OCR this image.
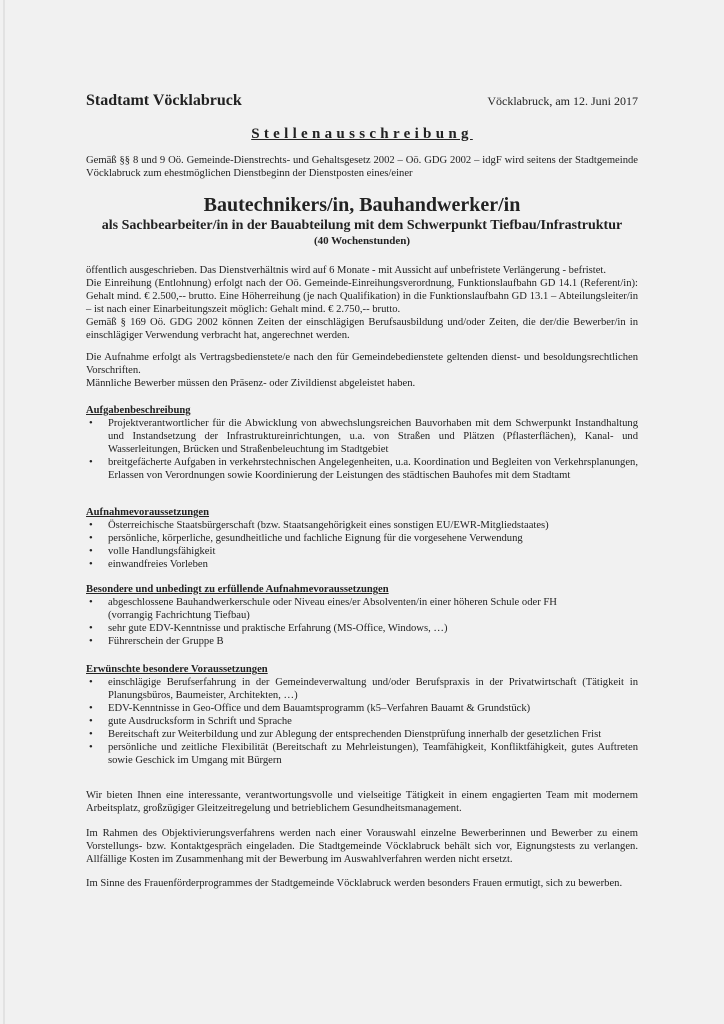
Stadtamt Vöcklabruck	Vöcklabruck, am 12. Juni 2017
Stellenausschreibung
Gemäß §§ 8 und 9 Oö. Gemeinde-Dienstrechts- und Gehaltsgesetz 2002 – Oö. GDG 2002 – idgF wird seitens der Stadtgemeinde Vöcklabruck zum ehestmöglichen Dienstbeginn der Dienstposten eines/einer
Bautechnikers/in, Bauhandwerker/in
als Sachbearbeiter/in in der Bauabteilung mit dem Schwerpunkt Tiefbau/Infrastruktur
(40 Wochenstunden)

öffentlich ausgeschrieben. Das Dienstverhältnis wird auf 6 Monate - mit Aussicht auf unbefristete Verlängerung - befristet.

Die Einreihung (Entlohnung) erfolgt nach der Oö. Gemeinde-Einreihungsverordnung, Funktionslaufbahn GD 14.1 (Referent/in): Gehalt mind. € 2.500,-- brutto. Eine Höherreihung (je nach Qualifikation) in die Funktionslaufbahn GD 13.1 – Abteilungsleiter/in – ist nach einer Einarbeitungszeit möglich: Gehalt mind. € 2.750,-- brutto.

Gemäß § 169 Oö. GDG 2002 können Zeiten der einschlägigen Berufsausbildung und/oder Zeiten, die der/die Bewerber/in in einschlägiger Verwendung verbracht hat, angerechnet werden.

Die Aufnahme erfolgt als Vertragsbedienstete/e nach den für Gemeindebedienstete geltenden dienst- und besoldungsrechtlichen Vorschriften.

Männliche Bewerber müssen den Präsenz- oder Zivildienst abgeleistet haben.

Aufgabenbeschreibung
• Projektverantwortlicher für die Abwicklung von abwechslungsreichen Bauvorhaben mit dem Schwerpunkt Instandhaltung und Instandsetzung der Infrastruktureinrichtungen, u.a. von Straßen und Plätzen (Pflasterflächen), Kanal- und Wasserleitungen, Brücken und Straßenbeleuchtung im Stadtgebiet
• breitgefächerte Aufgaben in verkehrstechnischen Angelegenheiten, u.a. Koordination und Begleiten von Verkehrsplanungen, Erlassen von Verordnungen sowie Koordinierung der Leistungen des städtischen Bauhofes mit dem Stadtamt
Aufnahmevoraussetzungen
• Österreichische Staatsbürgerschaft (bzw. Staatsangehörigkeit eines sonstigen EU/EWR-Mitgliedstaates)
• persönliche, körperliche, gesundheitliche und fachliche Eignung für die vorgesehene Verwendung
• volle Handlungsfähigkeit
• einwandfreies Vorleben
Besondere und unbedingt zu erfüllende Aufnahmevoraussetzungen
• abgeschlossene Bauhandwerkerschule oder Niveau eines/er Absolventen/in einer höheren Schule oder FH (vorrangig Fachrichtung Tiefbau)
• sehr gute EDV-Kenntnisse und praktische Erfahrung (MS-Office, Windows, …)
• Führerschein der Gruppe B
Erwünschte besondere Voraussetzungen
• einschlägige Berufserfahrung in der Gemeindeverwaltung und/oder Berufspraxis in der Privatwirtschaft (Tätigkeit in Planungsbüros, Baumeister, Architekten, …)
• EDV-Kenntnisse in Geo-Office und dem Bauamtsprogramm (k5–Verfahren Bauamt & Grundstück)
• gute Ausdrucksform in Schrift und Sprache
• Bereitschaft zur Weiterbildung und zur Ablegung der entsprechenden Dienstprüfung innerhalb der gesetzlichen Frist
• persönliche und zeitliche Flexibilität (Bereitschaft zu Mehrleistungen), Teamfähigkeit, Konfliktfähigkeit, gutes Auftreten sowie Geschick im Umgang mit Bürgern
Wir bieten Ihnen eine interessante, verantwortungsvolle und vielseitige Tätigkeit in einem engagierten Team mit modernem Arbeitsplatz, großzügiger Gleitzeitregelung und betrieblichem Gesundheitsmanagement.
Im Rahmen des Objektivierungsverfahrens werden nach einer Vorauswahl einzelne Bewerberinnen und Bewerber zu einem Vorstellungs- bzw. Kontaktgespräch eingeladen. Die Stadtgemeinde Vöcklabruck behält sich vor, Eignungstests zu verlangen. Allfällige Kosten im Zusammenhang mit der Bewerbung im Auswahlverfahren werden nicht ersetzt.
Im Sinne des Frauenförderprogrammes der Stadtgemeinde Vöcklabruck werden besonders Frauen ermutigt, sich zu bewerben.
